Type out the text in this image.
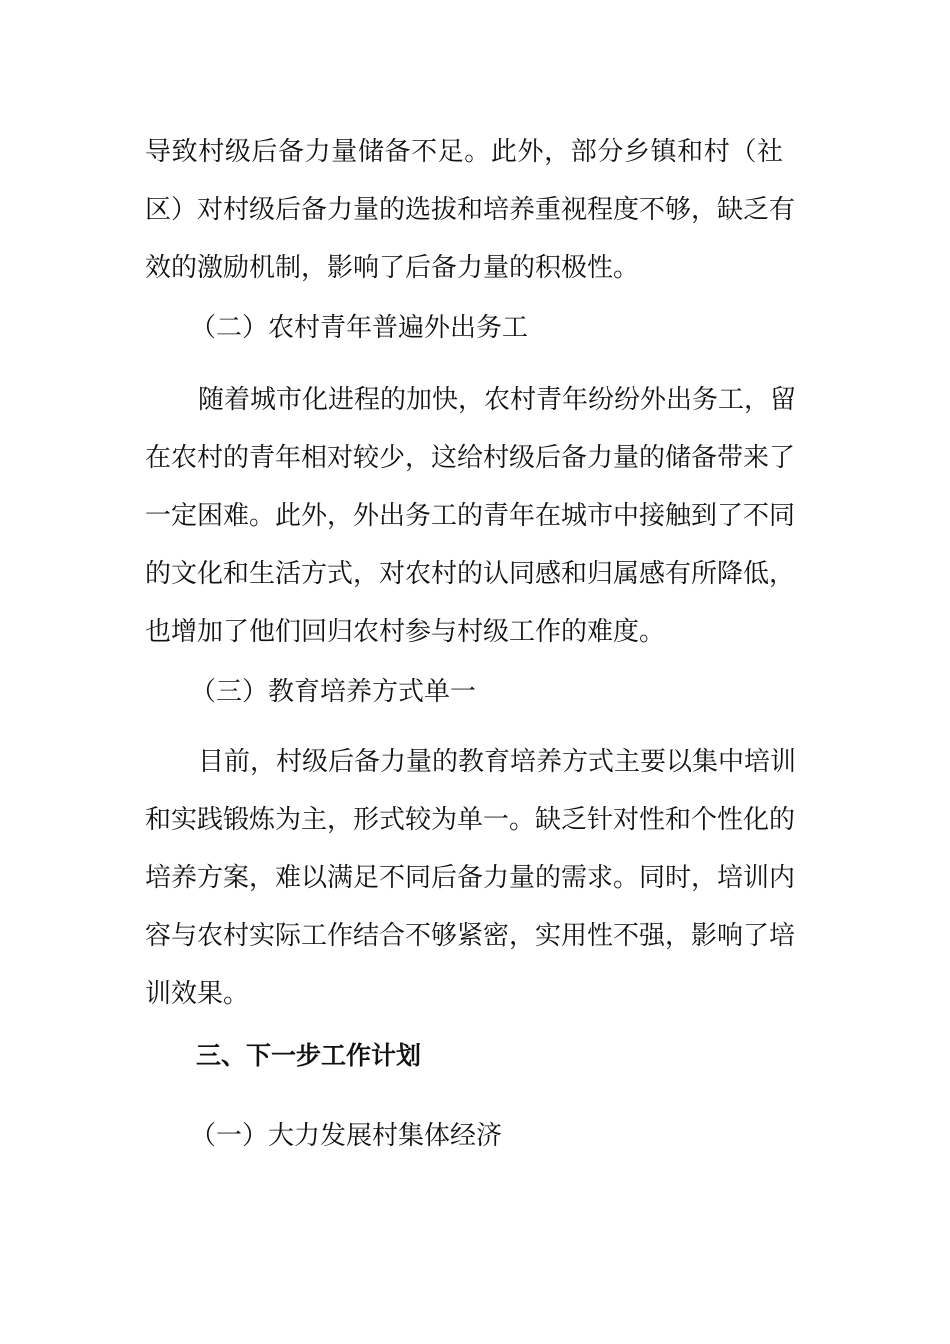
导致村级后备力量储备不足。此外，部分乡镇和村（社
区）对村级后备力量的选拔和培养重视程度不够，缺乏有
效的激励机制，影响了后备力量的积极性。
（二）农村青年普遍外出务工
随着城市化进程的加快，农村青年纷纷外出务工，留
在农村的青年相对较少，这给村级后备力量的储备带来了
一定困难。此外，外出务工的青年在城市中接触到了不同
的文化和生活方式，对农村的认同感和归属感有所降低，
也增加了他们回归农村参与村级工作的难度。
（三）教育培养方式单一
目前，村级后备力量的教育培养方式主要以集中培训
和实践锻炼为主，形式较为单一。缺乏针对性和个性化的
培养方案，难以满足不同后备力量的需求。同时，培训内
容与农村实际工作结合不够紧密，实用性不强，影响了培
训效果。
三、下一步工作计划
（一）大力发展村集体经济
